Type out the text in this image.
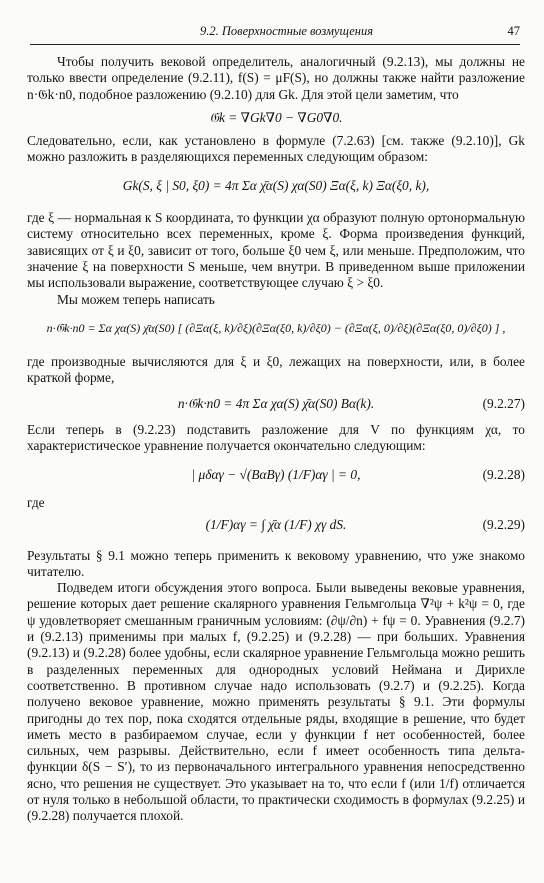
9.2. Поверхностные возмущения	47

Чтобы получить вековой определитель, аналогичный (9.2.13), мы должны не только ввести определение (9.2.11), f(S) = μF(S), но должны также найти разложение n·𝔊k·n0, подобное разложению (9.2.10) для Gk. Для этой цели заметим, что

𝔊k = ∇Gk∇0 − ∇G0∇0.

Следовательно, если, как установлено в формуле (7.2.63) [см. также (9.2.10)], Gk можно разложить в разделяющихся переменных следующим образом:

Gk(S, ξ | S0, ξ0) = 4π Σα χ̄α(S) χα(S0) Ξα(ξ, k) Ξα(ξ0, k),

где ξ — нормальная к S координата, то функции χα образуют полную ортонормальную систему относительно всех переменных, кроме ξ. Форма произведения функций, зависящих от ξ и ξ0, зависит от того, больше ξ0 чем ξ, или меньше. Предположим, что значение ξ на поверхности S меньше, чем внутри. В приведенном выше приложении мы использовали выражение, соответствующее случаю ξ > ξ0.

Мы можем теперь написать

n·𝔊k·n0 = Σα χα(S) χ̄α(S0) [ (∂Ξα(ξ, k)/∂ξ)(∂Ξα(ξ0, k)/∂ξ0) − (∂Ξα(ξ, 0)/∂ξ)(∂Ξα(ξ0, 0)/∂ξ0) ] ,

где производные вычисляются для ξ и ξ0, лежащих на поверхности, или, в более краткой форме,

n·𝔊k·n0 = 4π Σα χα(S) χ̄α(S0) Bα(k).	(9.2.27)

Если теперь в (9.2.23) подставить разложение для V по функциям χα, то характеристическое уравнение получается окончательно следующим:

| μδαγ − √(BαBγ) (1/F)αγ | = 0,	(9.2.28)

где

(1/F)αγ = ∫ χ̄α (1/F) χγ dS.	(9.2.29)

Результаты § 9.1 можно теперь применить к вековому уравнению, что уже знакомо читателю.

Подведем итоги обсуждения этого вопроса. Были выведены вековые уравнения, решение которых дает решение скалярного уравнения Гельмгольца ∇²ψ + k²ψ = 0, где ψ удовлетворяет смешанным граничным условиям: (∂ψ/∂n) + fψ = 0. Уравнения (9.2.7) и (9.2.13) применимы при малых f, (9.2.25) и (9.2.28) — при больших. Уравнения (9.2.13) и (9.2.28) более удобны, если скалярное уравнение Гельмгольца можно решить в разделенных переменных для однородных условий Неймана и Дирихле соответственно. В противном случае надо использовать (9.2.7) и (9.2.25). Когда получено вековое уравнение, можно применять результаты § 9.1. Эти формулы пригодны до тех пор, пока сходятся отдельные ряды, входящие в решение, что будет иметь место в разбираемом случае, если у функции f нет особенностей, более сильных, чем разрывы. Действительно, если f имеет особенность типа дельта-функции δ(S − S′), то из первоначального интегрального уравнения непосредственно ясно, что решения не существует. Это указывает на то, что если f (или 1/f) отличается от нуля только в небольшой области, то практически сходимость в формулах (9.2.25) и (9.2.28) получается плохой.
